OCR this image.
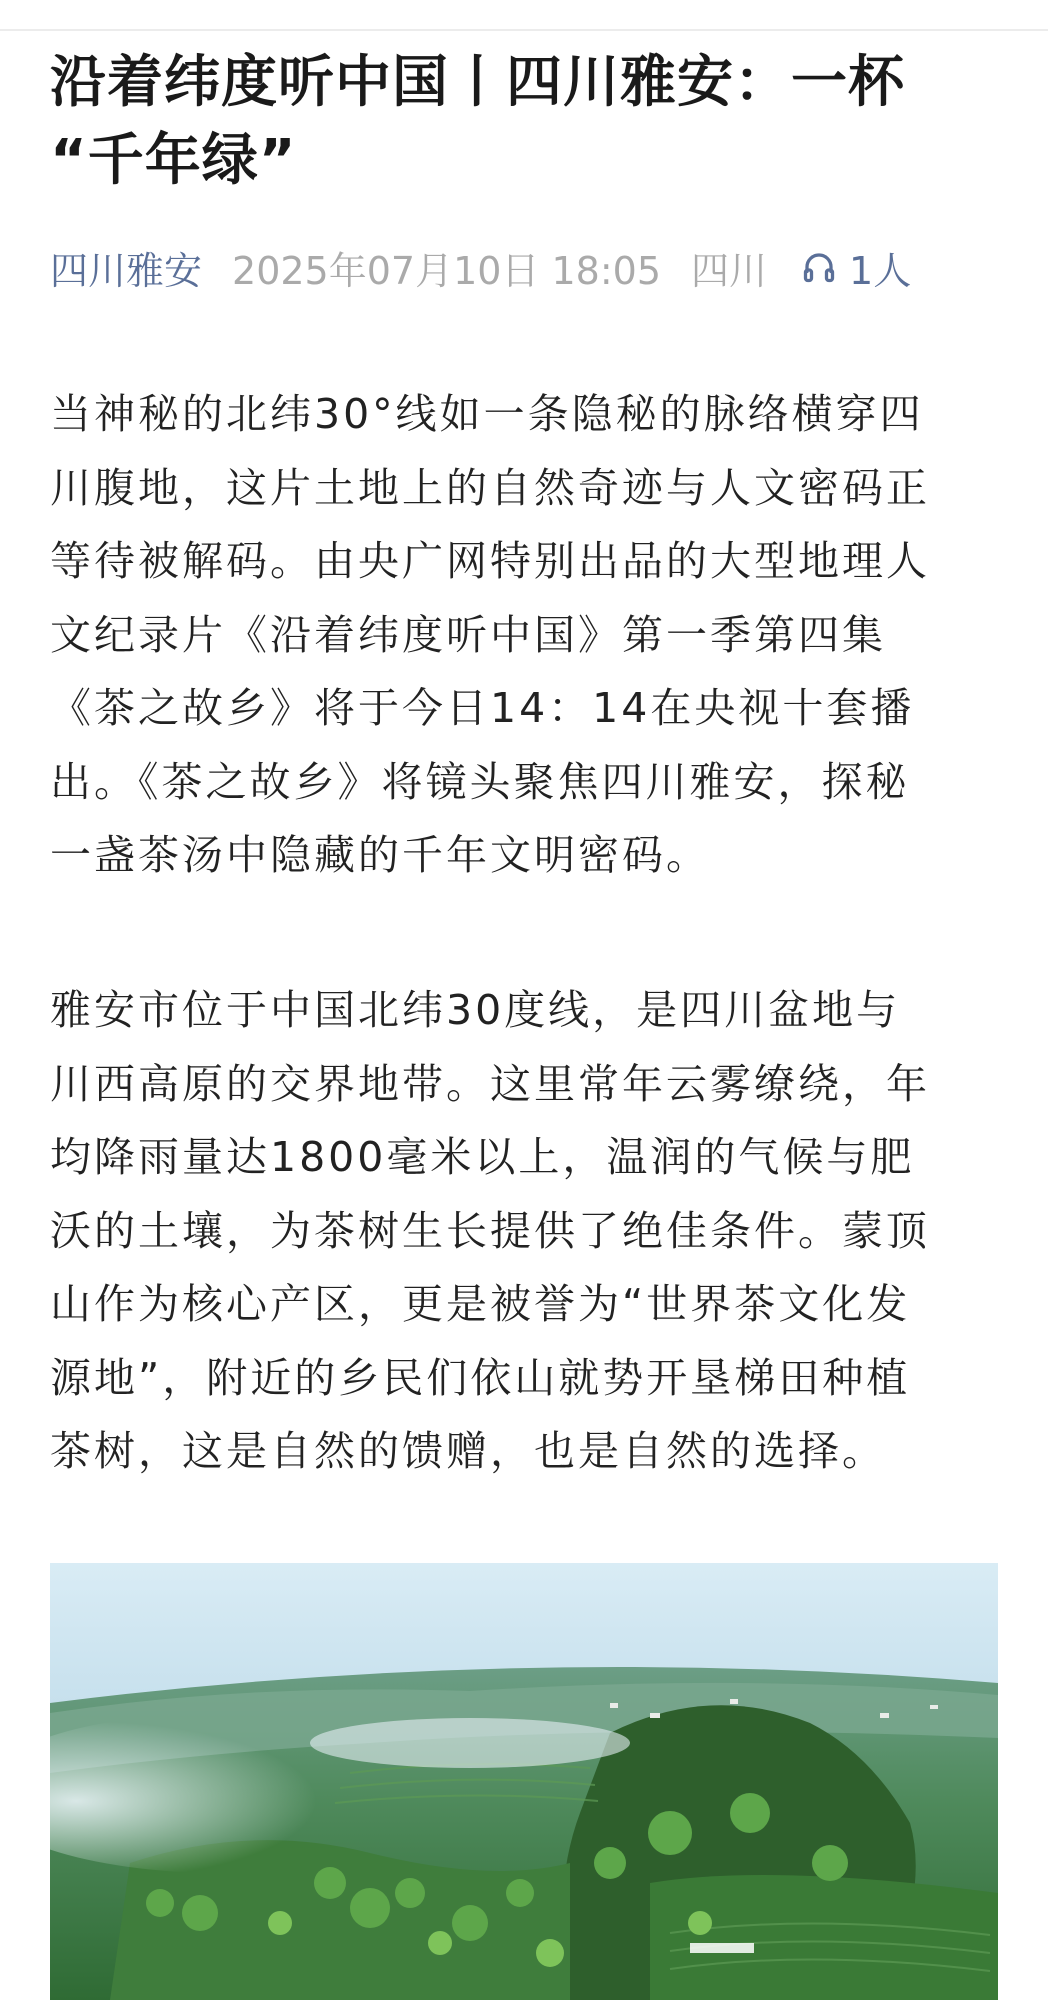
沿着纬度听中国丨四川雅安：一杯
“千年绿”
四川雅安 2025年07月10日 18:05 四川 1人
当神秘的北纬30°线如一条隐秘的脉络横穿四
川腹地，这片土地上的自然奇迹与人文密码正
等待被解码。由央广网特别出品的大型地理人
文纪录片《沿着纬度听中国》第一季第四集
《茶之故乡》将于今日14：14在央视十套播
出。《茶之故乡》将镜头聚焦四川雅安，探秘
一盏茶汤中隐藏的千年文明密码。
雅安市位于中国北纬30度线，是四川盆地与
川西高原的交界地带。这里常年云雾缭绕，年
均降雨量达1800毫米以上，温润的气候与肥
沃的土壤，为茶树生长提供了绝佳条件。蒙顶
山作为核心产区，更是被誉为“世界茶文化发
源地”，附近的乡民们依山就势开垦梯田种植
茶树，这是自然的馈赠，也是自然的选择。
